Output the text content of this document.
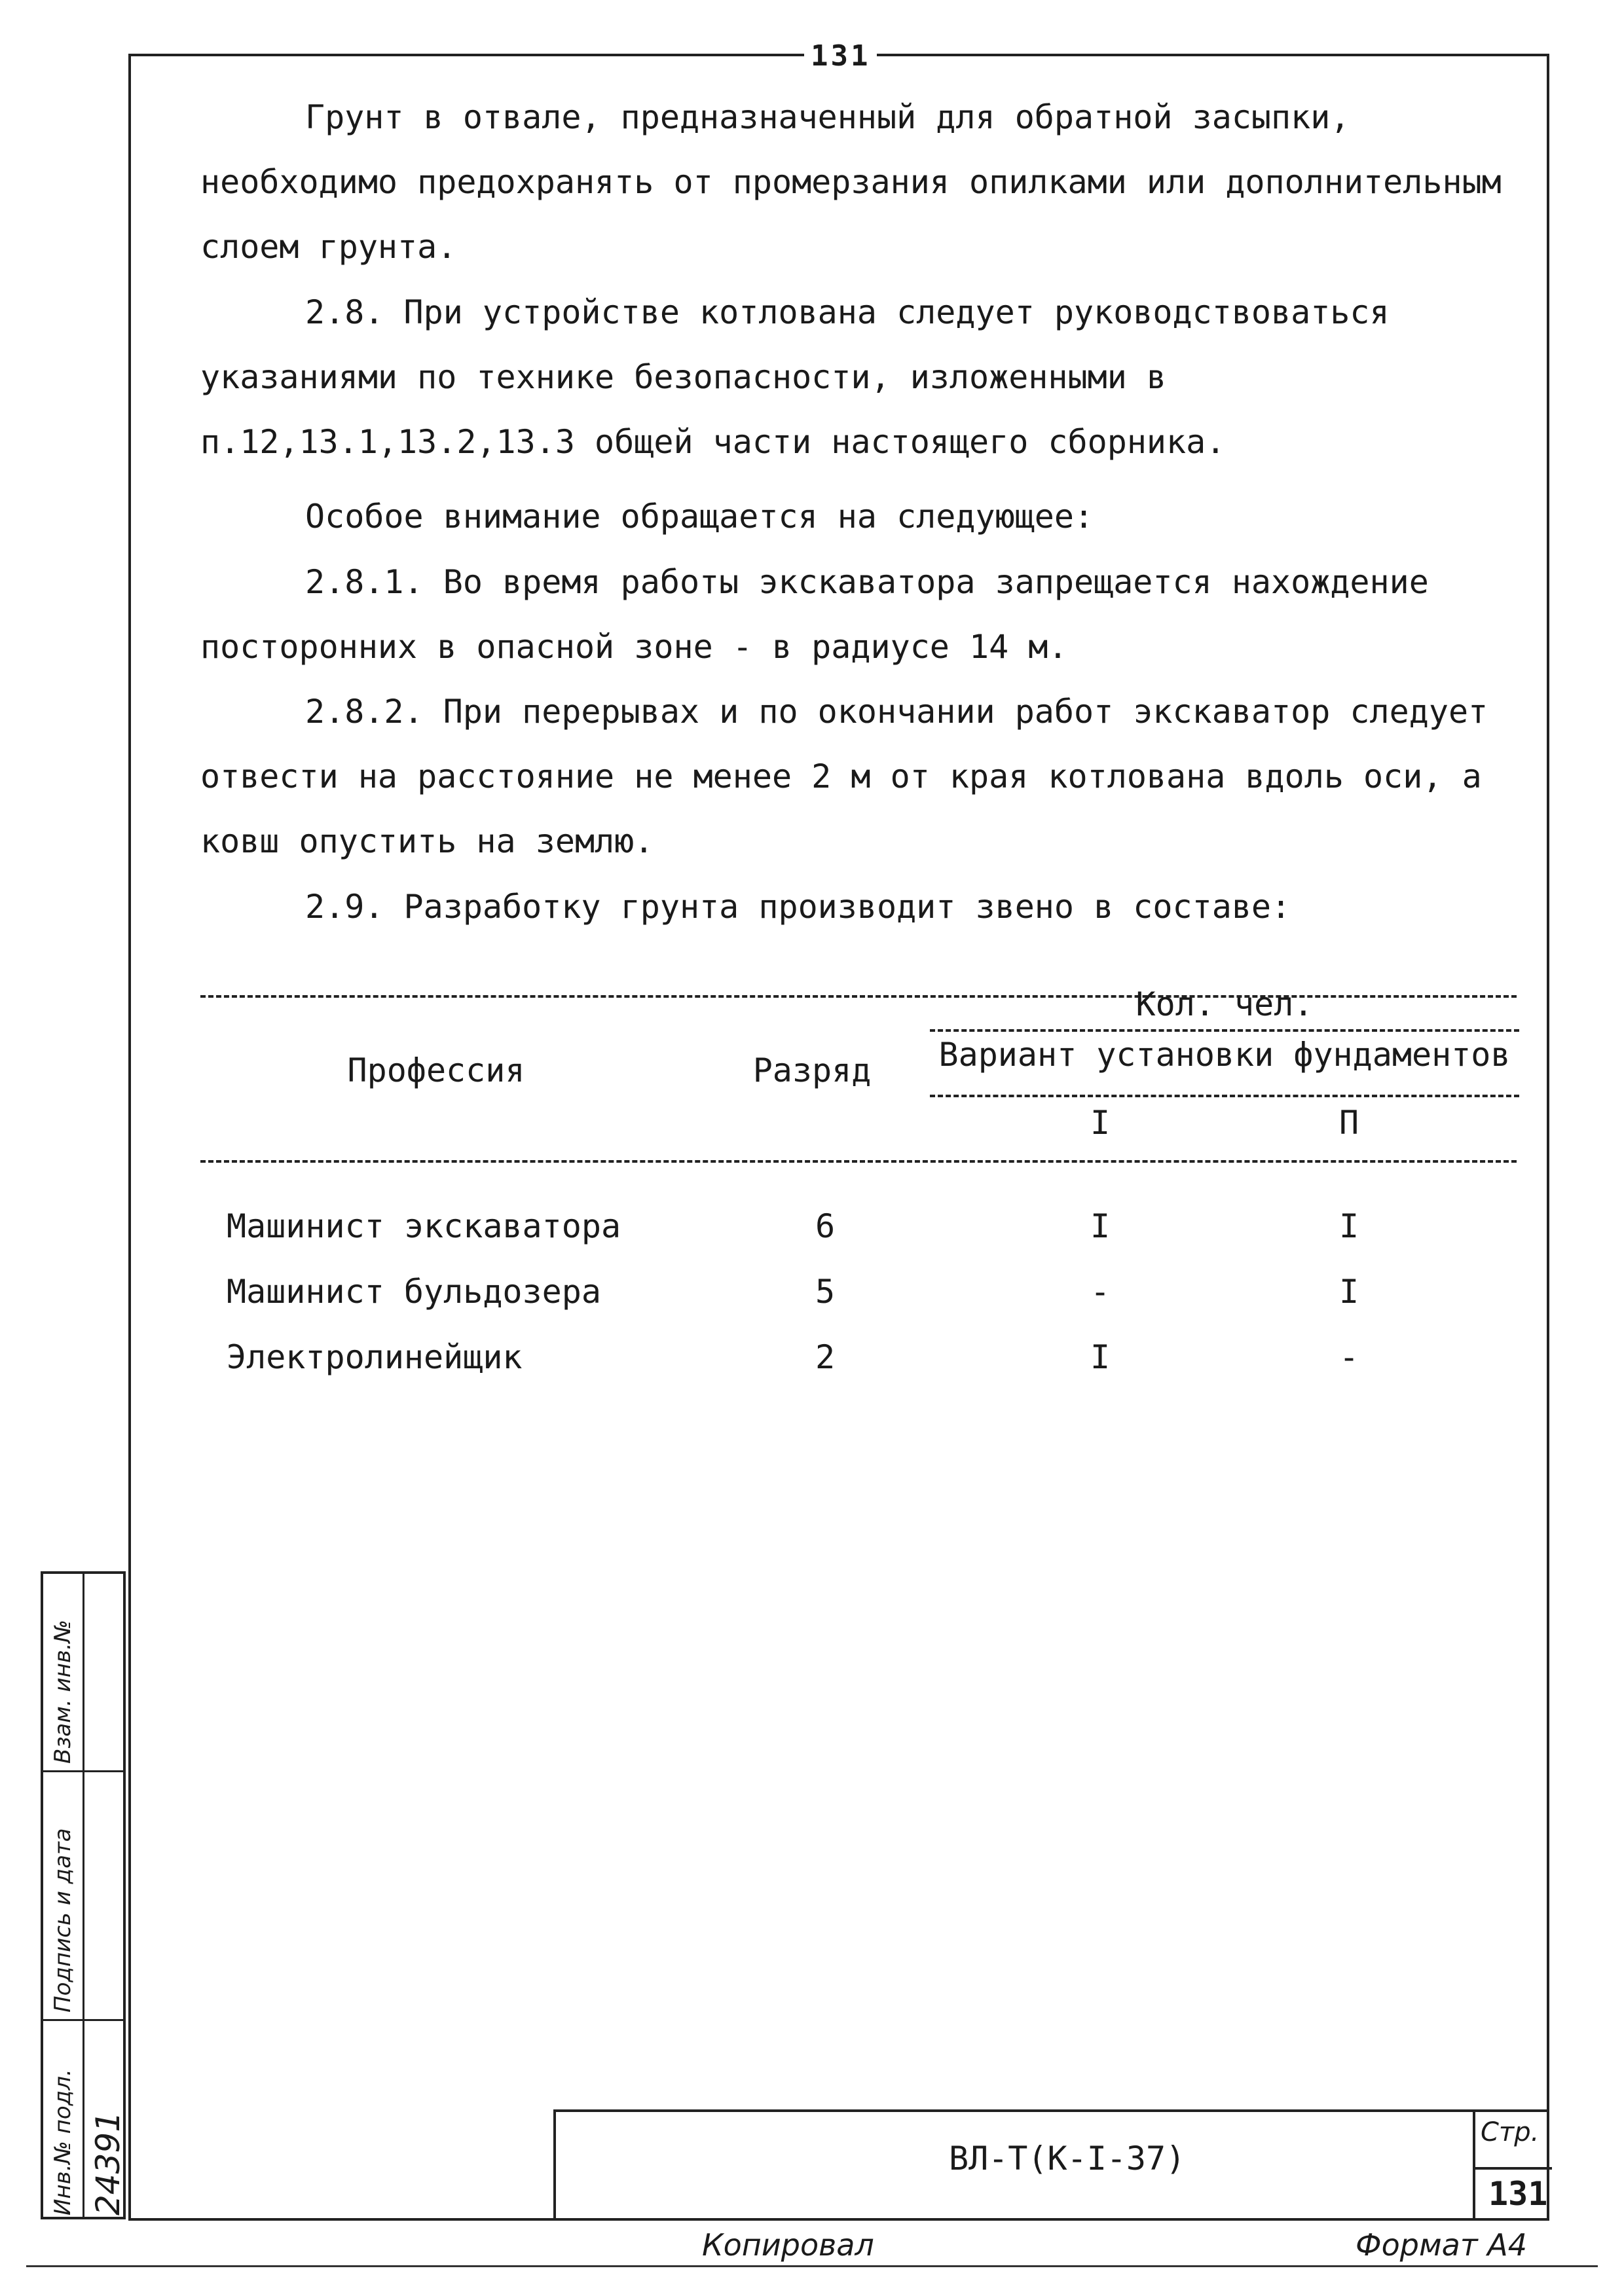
131

Грунт в отвале, предназначенный для обратной засыпки, необходимо предохранять от промерзания опилками или дополнительным слоем грунта.

2.8. При устройстве котлована следует руководствоваться указаниями по технике безопасности, изложенными в п.12,13.1,13.2,13.3 общей части настоящего сборника.

Особое внимание обращается на следующее:

2.8.1. Во время работы экскаватора запрещается нахождение посторонних в опасной зоне - в радиусе 14 м.

2.8.2. При перерывах и по окончании работ экскаватор следует отвести на расстояние не менее 2 м от края котлована вдоль оси, а ковш опустить на землю.

2.9. Разработку грунта производит звено в составе:

Кол. чел.
Профессия	Разряд	Вариант установки фундаментов
I	П
Машинист экскаватора	6	I	I
Машинист бульдозера	5	-	I
Электролинейщик	2	I	-
Инв.№ подл. 24391
Подпись и дата
Взам. инв.№
ВЛ-Т(К-I-37)
Стр.
131
Копировал	Формат А4
